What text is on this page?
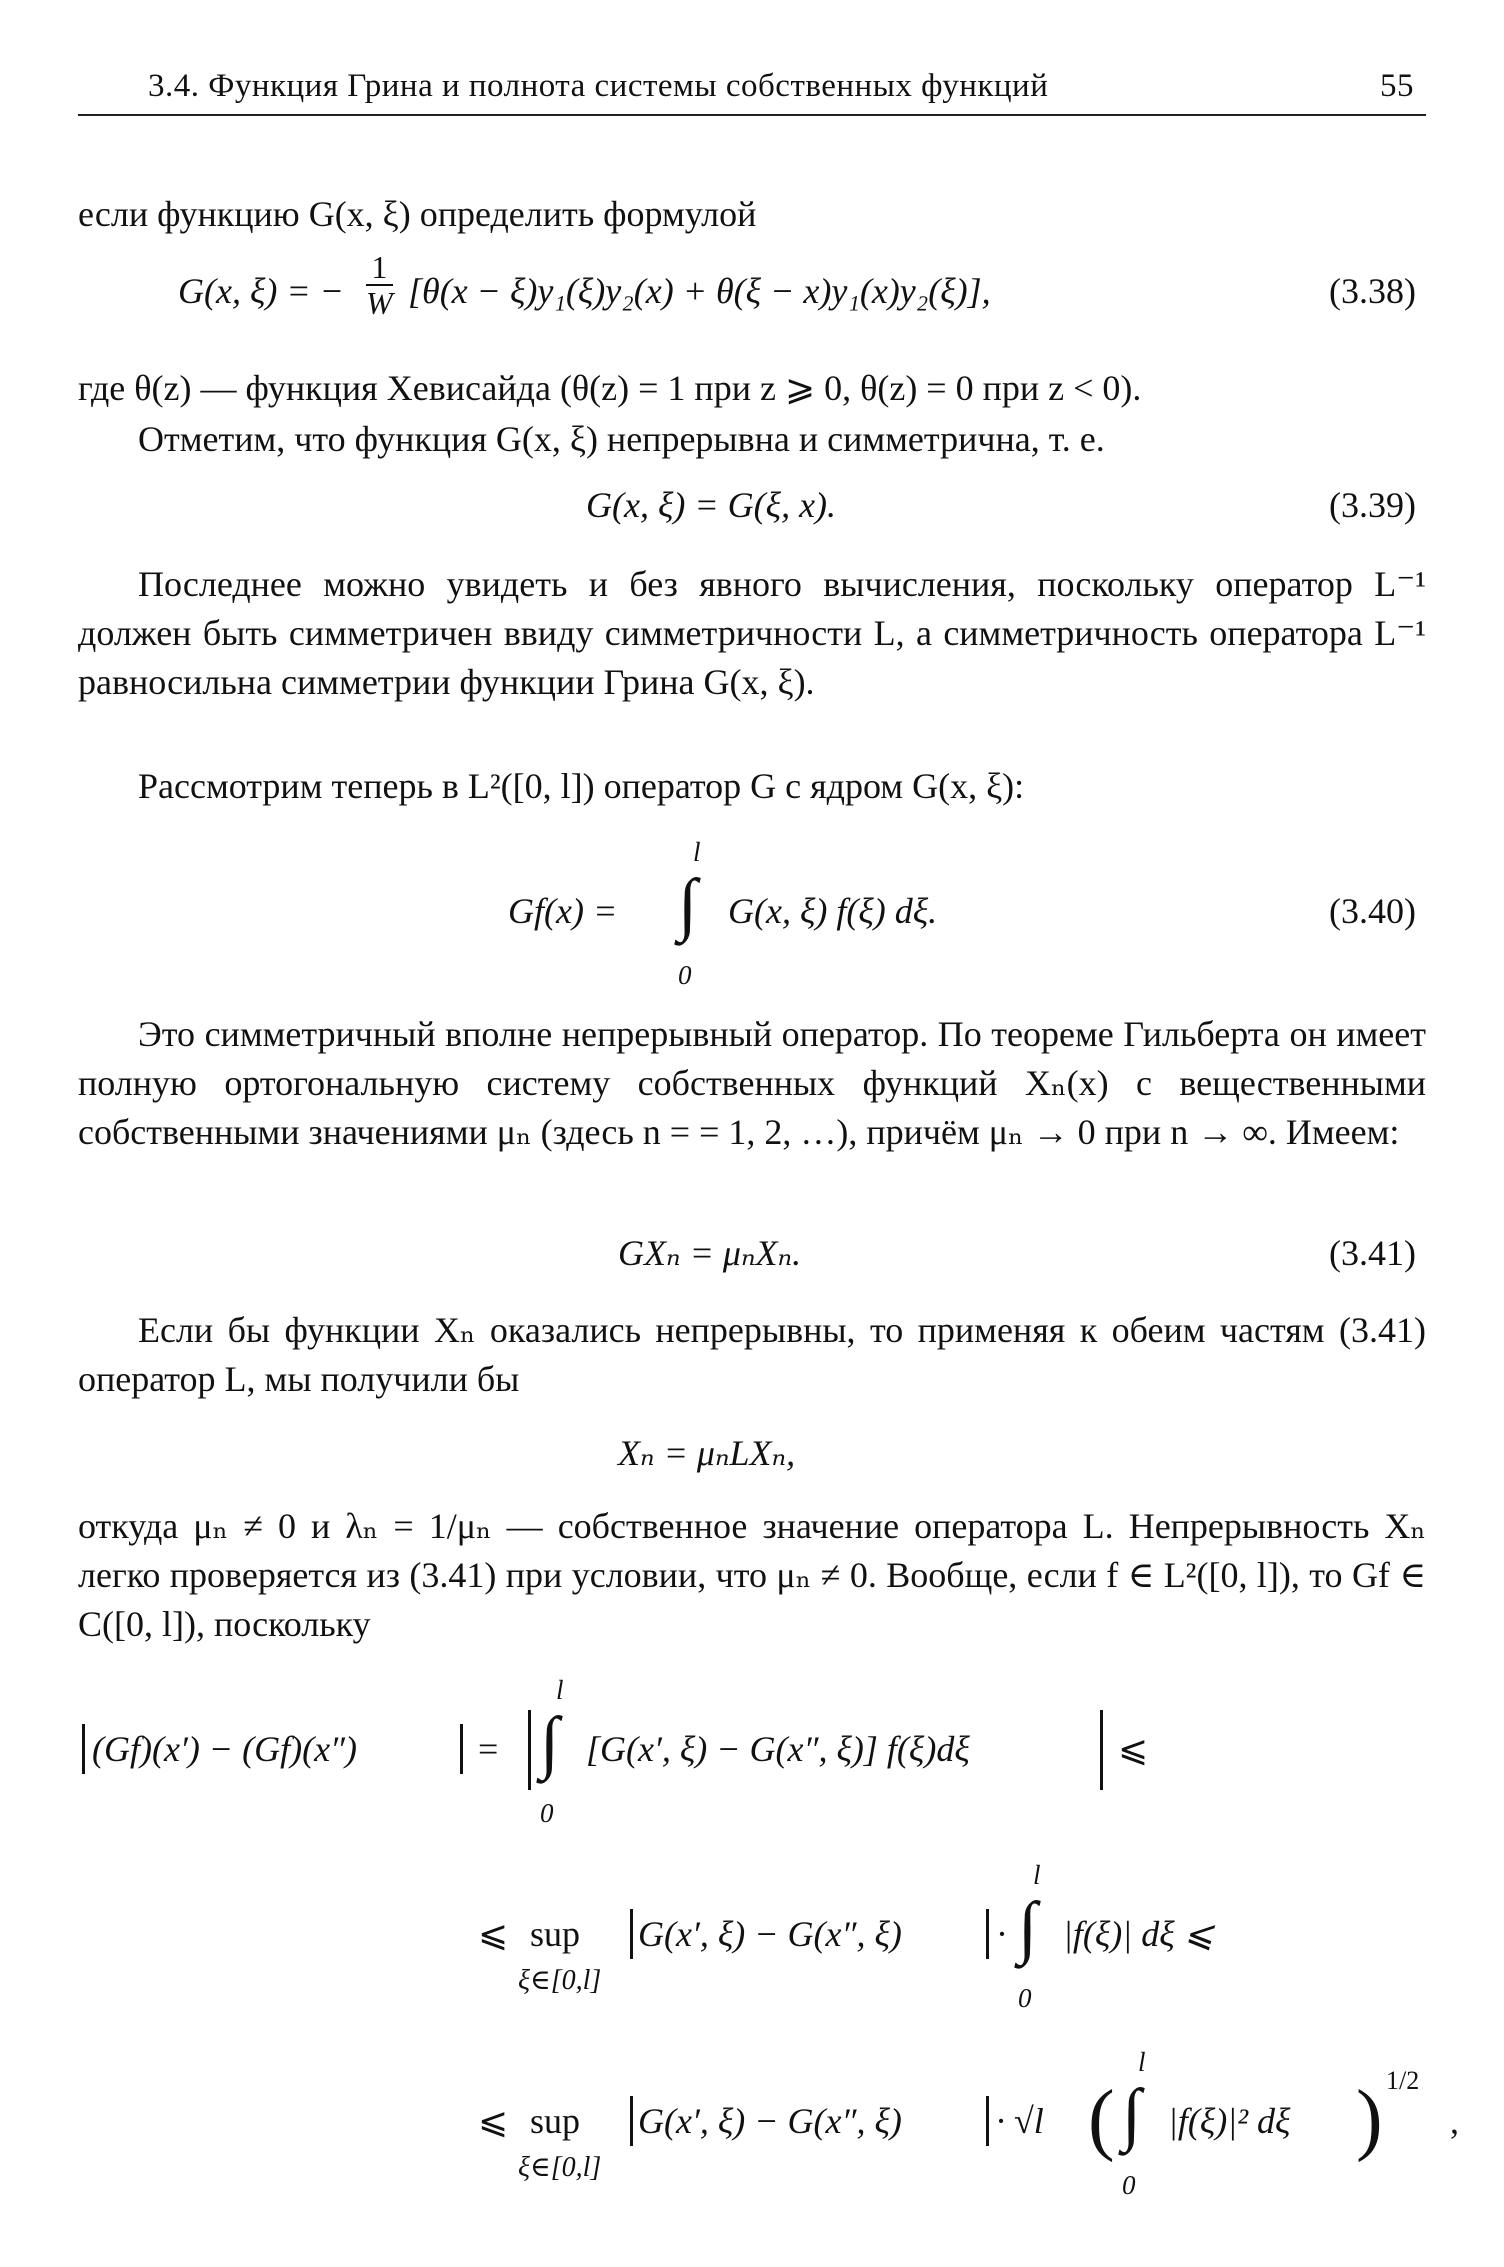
3.4. Функция Грина и полнота системы собственных функций	55
если функцию G(x, ξ) определить формулой
G(x, ξ) = − $\frac{1}{W} [\theta(x - \xi)y_1(\xi)y_2(x) + \theta(\xi - x)y_1(x)y_2(\xi)]$,	(3.38)
где θ(z) — функция Хевисайда (θ(z) = 1 при z ⩾ 0, θ(z) = 0 при z < 0).
Отметим, что функция G(x, ξ) непрерывна и симметрична, т. е.
G(x, ξ) = G(ξ, x).	(3.39)
Последнее можно увидеть и без явного вычисления, поскольку оператор L⁻¹ должен быть симметричен ввиду симметричности L, а симметричность оператора L⁻¹ равносильна симметрии функции Грина G(x, ξ).
Рассмотрим теперь в L²([0, l]) оператор G с ядром G(x, ξ):
Gf(x) =
l
∫
0
G(x, ξ) f(ξ) dξ.	(3.40)
Это симметричный вполне непрерывный оператор. По теореме Гильберта он имеет полную ортогональную систему собственных функций Xₙ(x) с вещественными собственными значениями μₙ (здесь n = = 1, 2, …), причём μₙ → 0 при n → ∞. Имеем:
GXₙ = μₙXₙ.	(3.41)
Если бы функции Xₙ оказались непрерывны, то применяя к обеим частям (3.41) оператор L, мы получили бы
Xₙ = μₙLXₙ,
откуда μₙ ≠ 0 и λₙ = 1/μₙ — собственное значение оператора L. Непрерывность Xₙ легко проверяется из (3.41) при условии, что μₙ ≠ 0. Вообще, если f ∈ L²([0, l]), то Gf ∈ C([0, l]), поскольку
(Gf)(x′) − (Gf)(x″)	=
l
∫
0
[G(x′, ξ) − G(x″, ξ)] f(ξ)dξ	⩽
⩽ sup
ξ∈[0,l]
G(x′, ξ) − G(x″, ξ)	·
l
∫
0
|f(ξ)| dξ ⩽
⩽ sup
ξ∈[0,l]
G(x′, ξ) − G(x″, ξ)	· √l (
l
∫
0
|f(ξ)|² dξ ) 1/2
,
